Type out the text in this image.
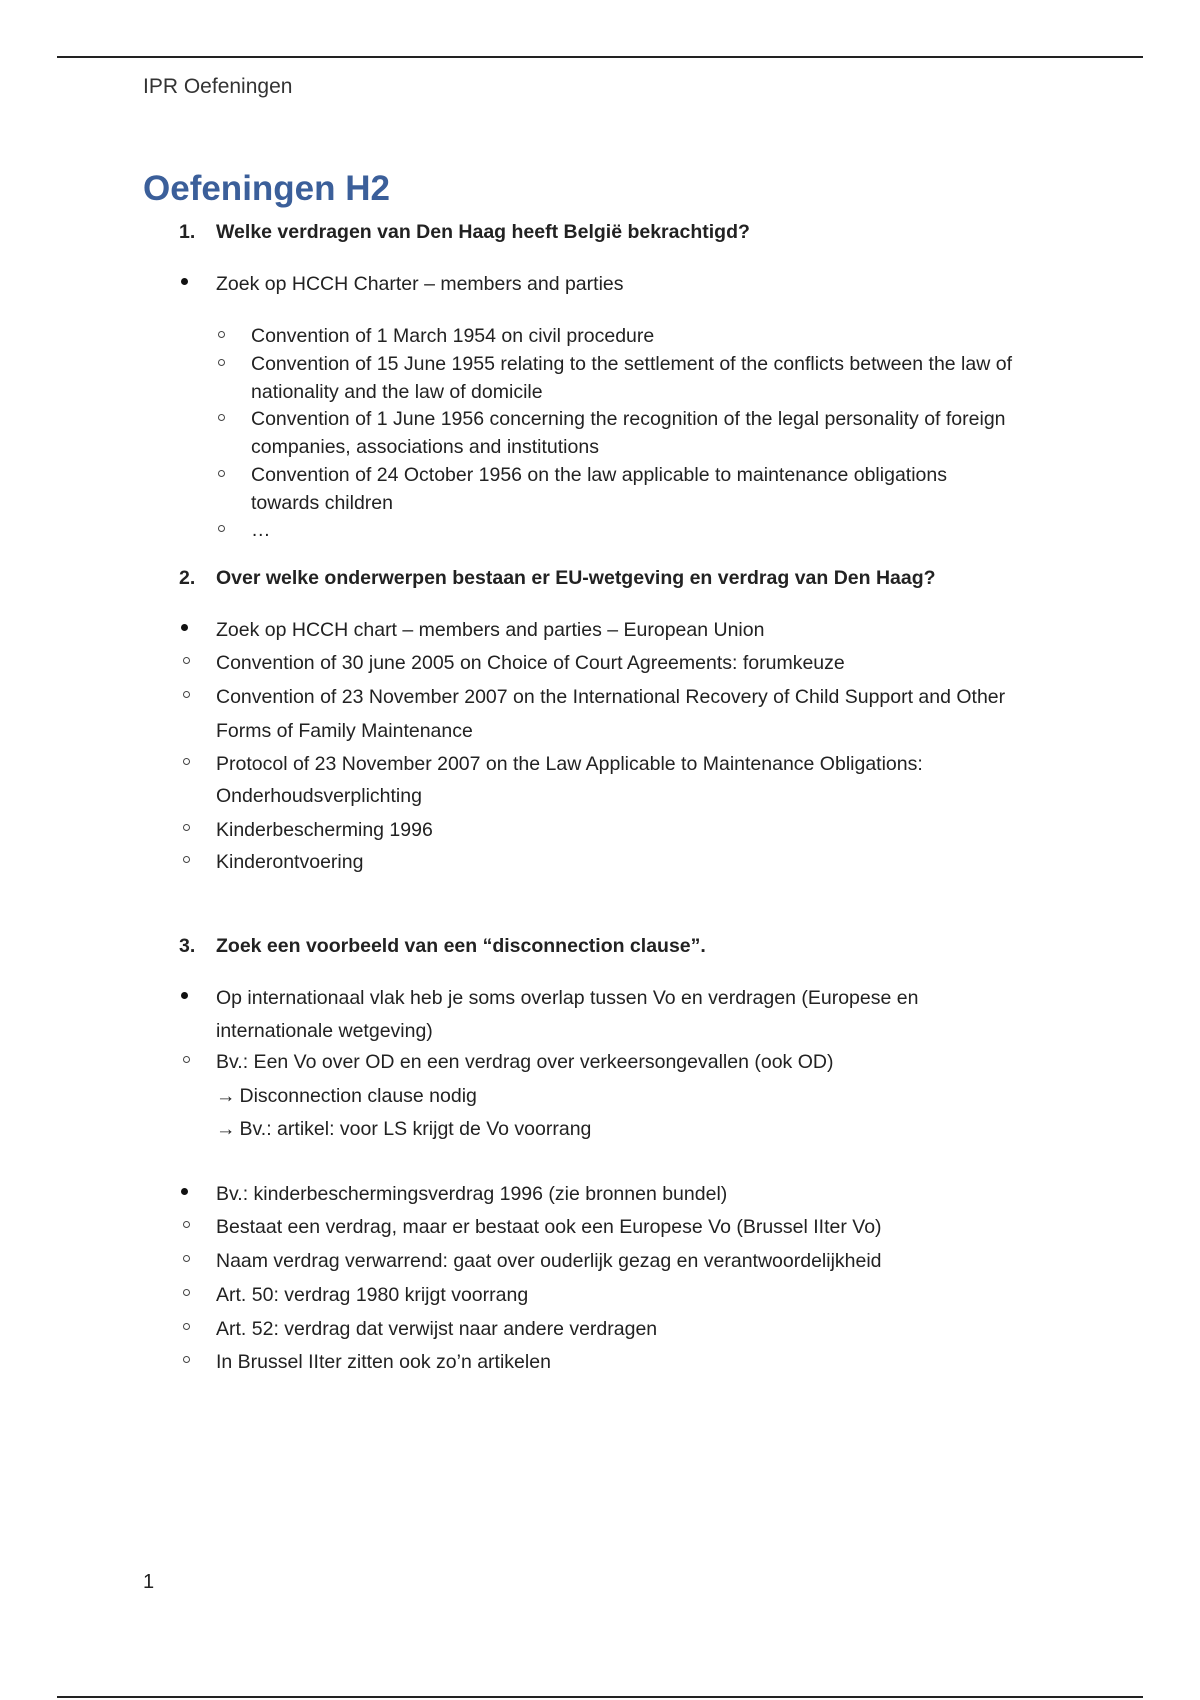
IPR Oefeningen
Oefeningen H2
1. Welke verdragen van Den Haag heeft België bekrachtigd?
Zoek op HCCH Charter – members and parties
Convention of 1 March 1954 on civil procedure
Convention of 15 June 1955 relating to the settlement of the conflicts between the law of
nationality and the law of domicile
Convention of 1 June 1956 concerning the recognition of the legal personality of foreign
companies, associations and institutions
Convention of 24 October 1956 on the law applicable to maintenance obligations
towards children
…
2. Over welke onderwerpen bestaan er EU-wetgeving en verdrag van Den Haag?
Zoek op HCCH chart – members and parties – European Union
Convention of 30 june 2005 on Choice of Court Agreements: forumkeuze
Convention of 23 November 2007 on the International Recovery of Child Support and Other
Forms of Family Maintenance
Protocol of 23 November 2007 on the Law Applicable to Maintenance Obligations:
Onderhoudsverplichting
Kinderbescherming 1996
Kinderontvoering
3. Zoek een voorbeeld van een “disconnection clause”.
Op internationaal vlak heb je soms overlap tussen Vo en verdragen (Europese en
internationale wetgeving)
Bv.: Een Vo over OD en een verdrag over verkeersongevallen (ook OD)
→ Disconnection clause nodig
→ Bv.: artikel: voor LS krijgt de Vo voorrang
Bv.: kinderbeschermingsverdrag 1996 (zie bronnen bundel)
Bestaat een verdrag, maar er bestaat ook een Europese Vo (Brussel IIter Vo)
Naam verdrag verwarrend: gaat over ouderlijk gezag en verantwoordelijkheid
Art. 50: verdrag 1980 krijgt voorrang
Art. 52: verdrag dat verwijst naar andere verdragen
In Brussel IIter zitten ook zo’n artikelen
1
